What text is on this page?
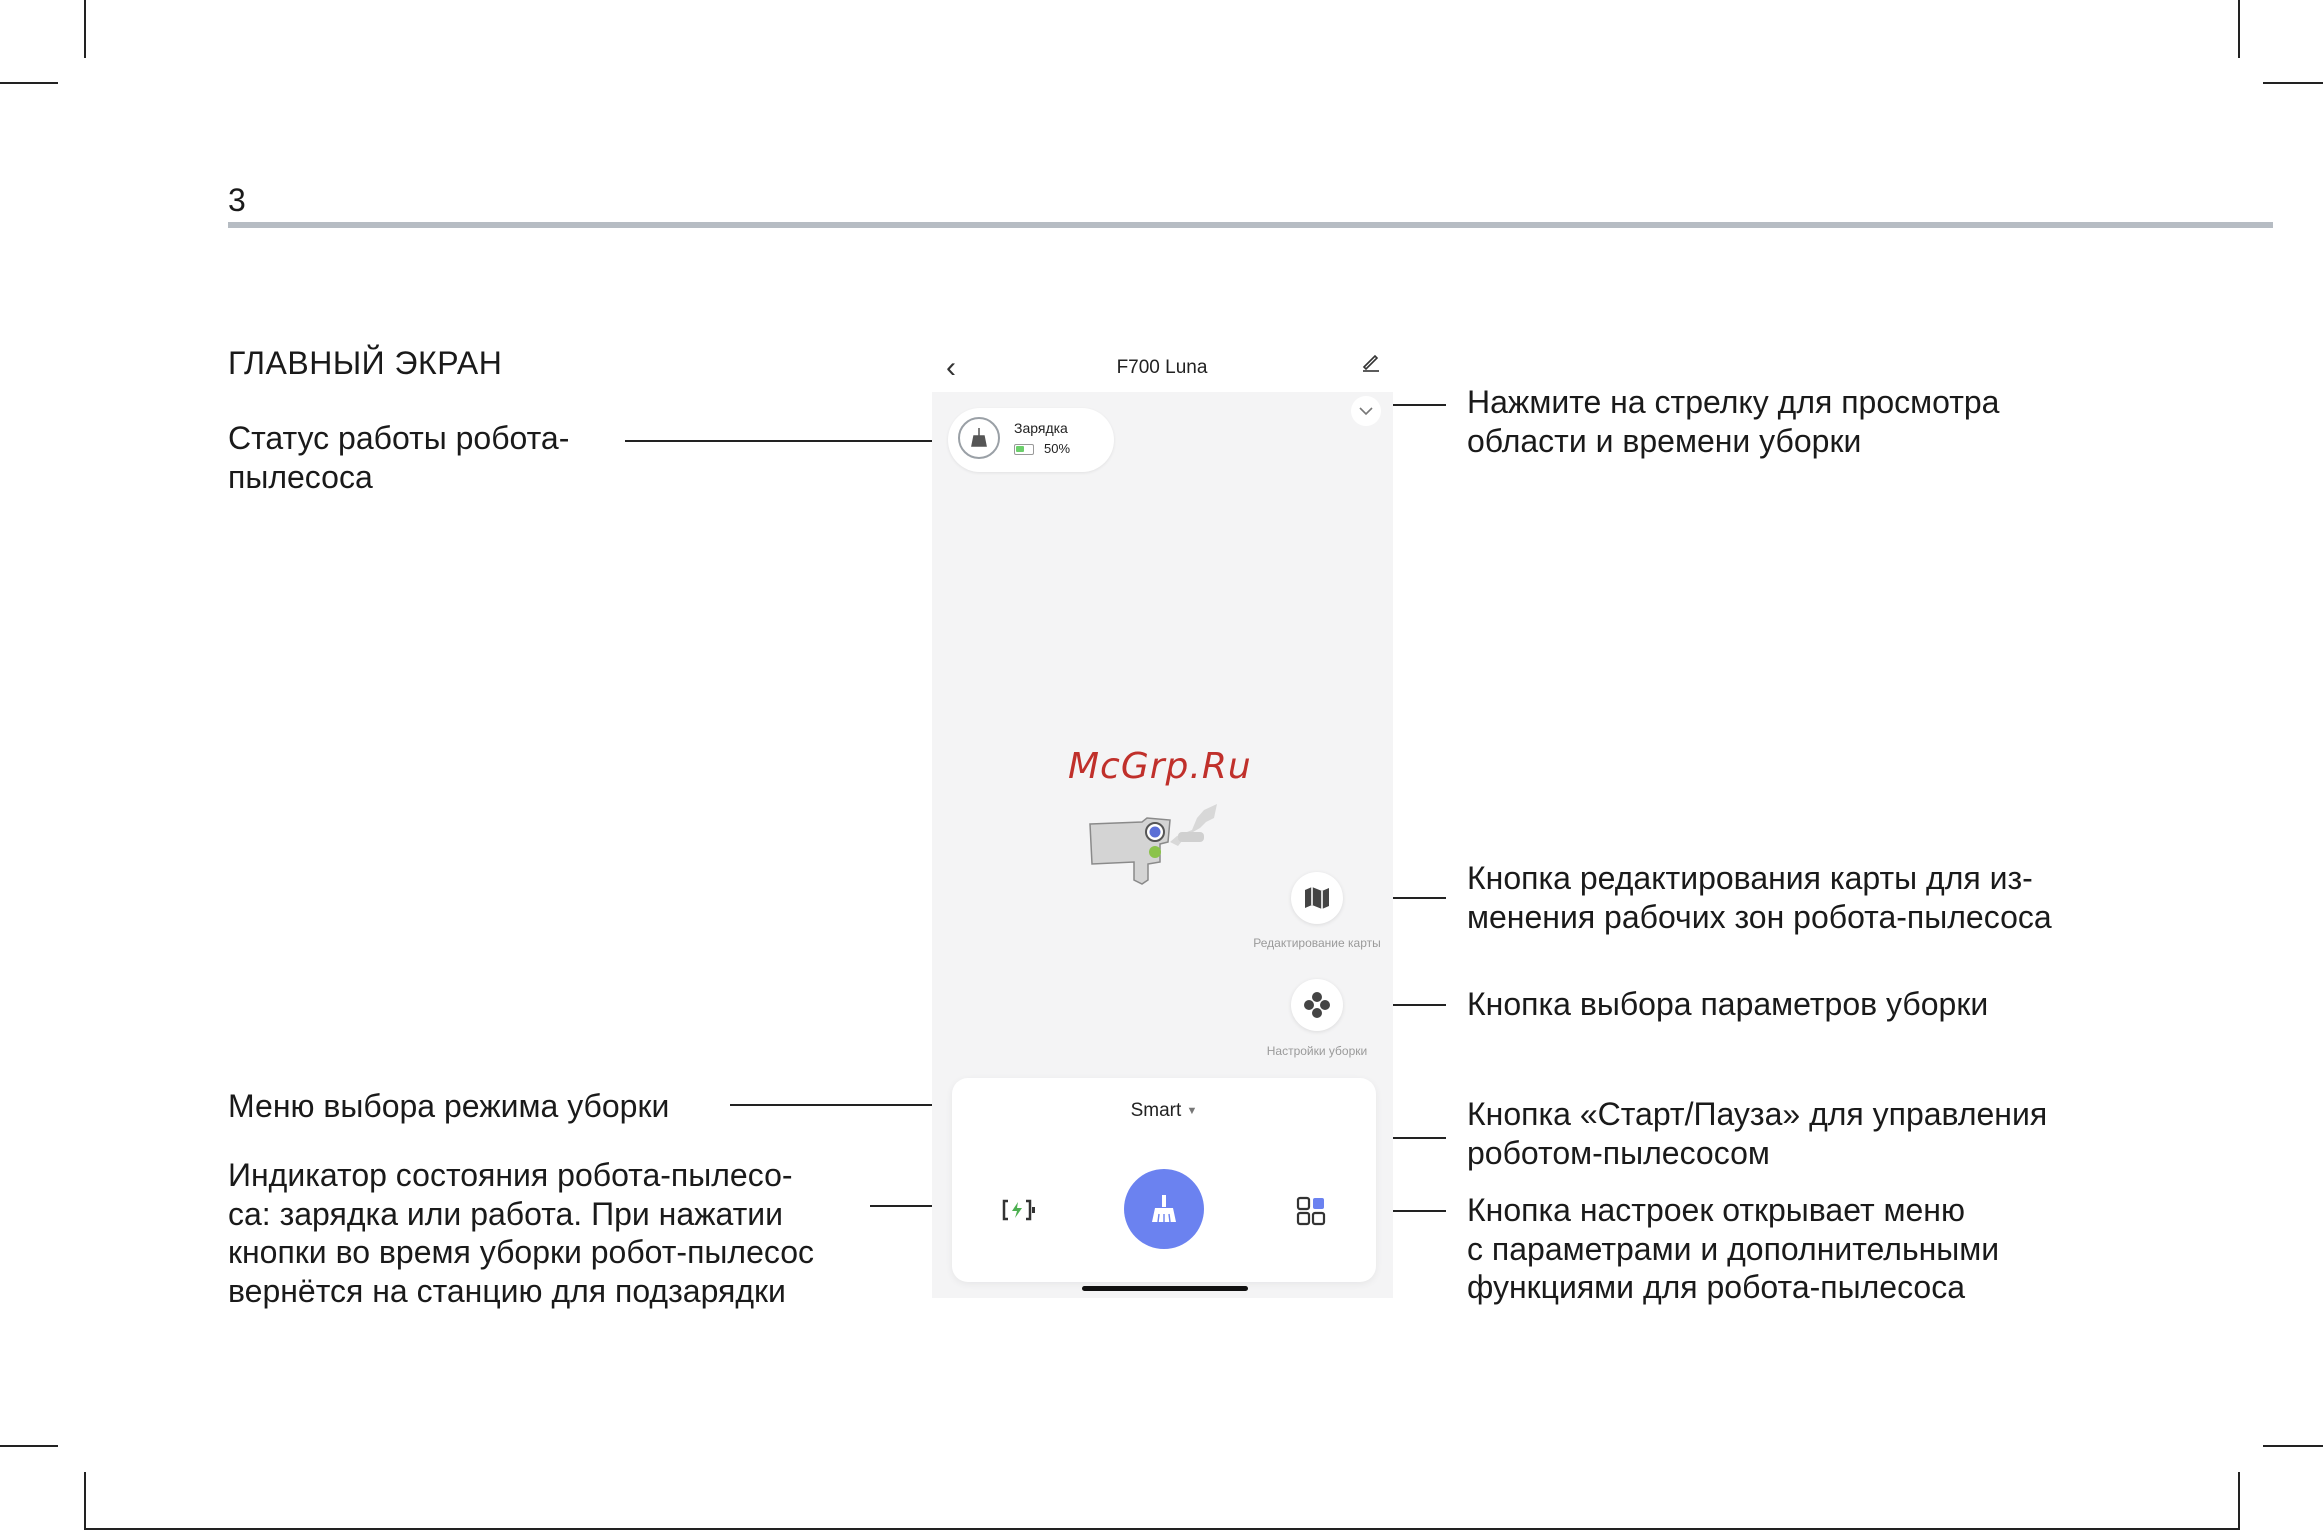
3
ГЛАВНЫЙ ЭКРАН
Статус работы робота-
пылесоса
Меню выбора режима уборки
Индикатор состояния робота-пылесо-
са: зарядка или работа. При нажатии
кнопки во время уборки робот-пылесос
вернётся на станцию для подзарядки
Нажмите на стрелку для просмотра
области и времени уборки
Кнопка редактирования карты для из-
менения рабочих зон робота-пылесоса
Кнопка выбора параметров уборки
Кнопка «Старт/Пауза» для управления
роботом-пылесосом
Кнопка настроек открывает меню
с параметрами и дополнительными
функциями для робота-пылесоса
‹	F700 Luna
Зарядка
50%
Редактирование карты
Настройки уборки
McGrp.Ru
Smart ▼
